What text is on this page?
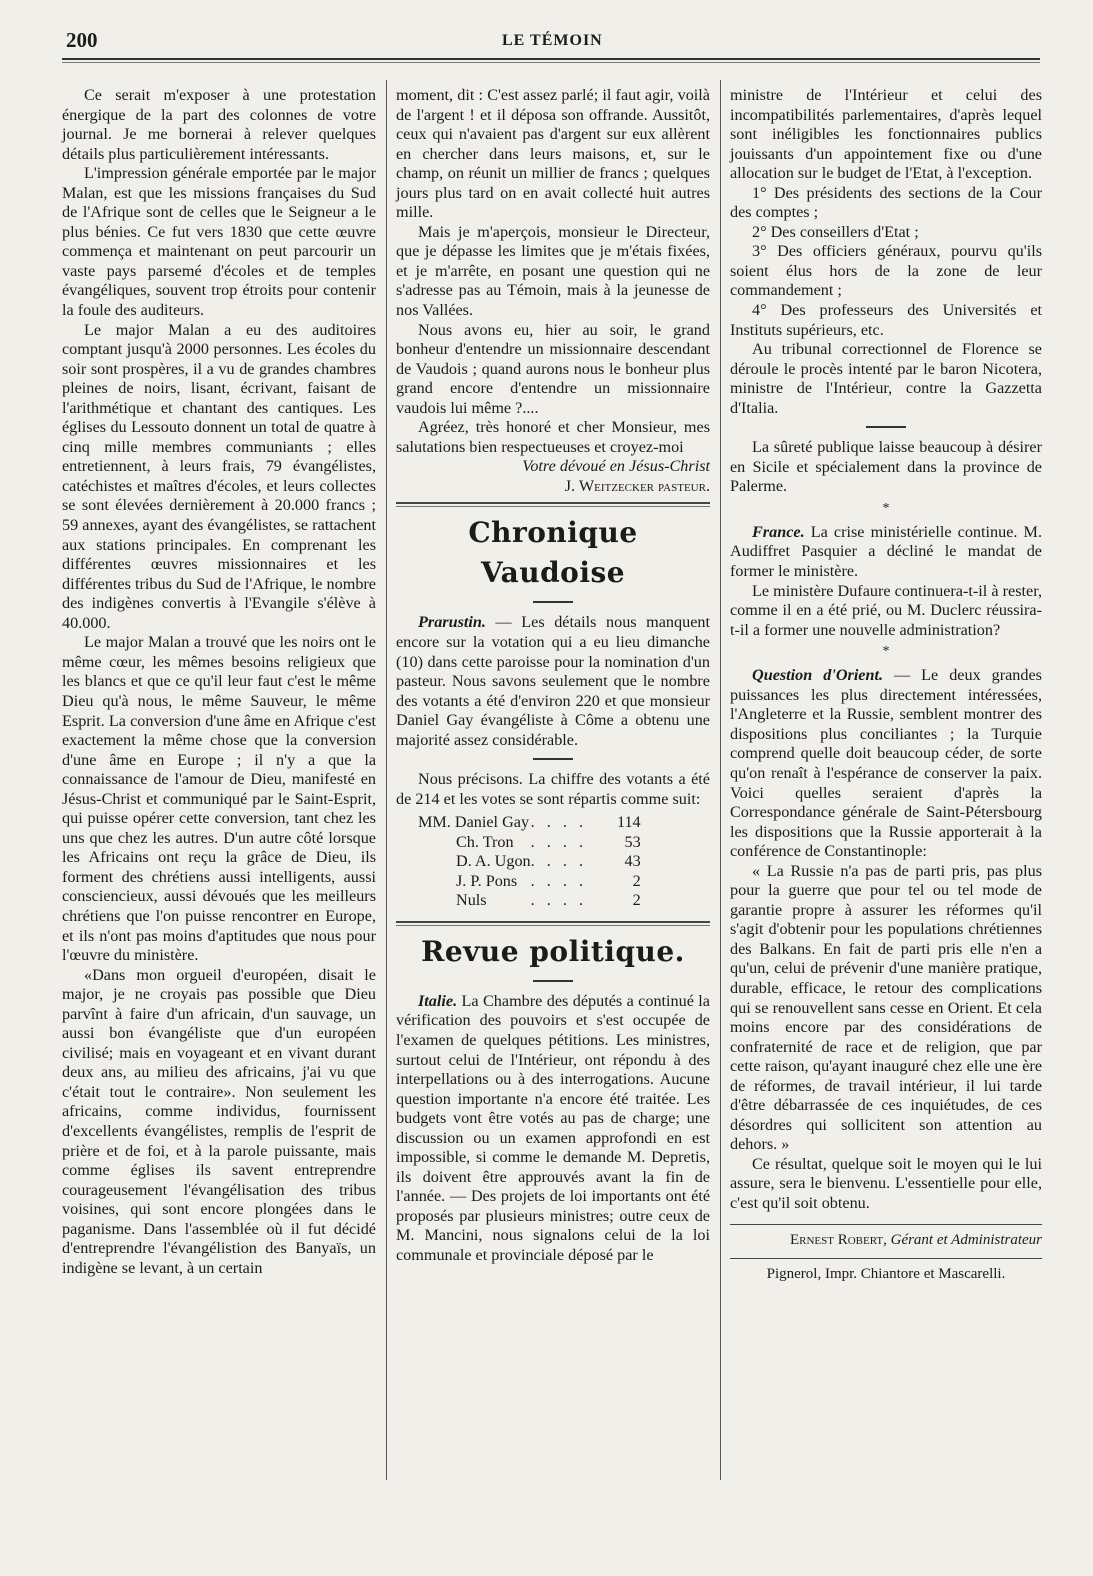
200	LE TÉMOIN

Ce serait m'exposer à une protestation énergique de la part des colonnes de votre journal. Je me bornerai à relever quelques détails plus particulièrement intéressants.

L'impression générale emportée par le major Malan, est que les missions françaises du Sud de l'Afrique sont de celles que le Seigneur a le plus bénies. Ce fut vers 1830 que cette œuvre commença et maintenant on peut parcourir un vaste pays parsemé d'écoles et de temples évangéliques, souvent trop étroits pour contenir la foule des auditeurs.

Le major Malan a eu des auditoires comptant jusqu'à 2000 personnes. Les écoles du soir sont prospères, il a vu de grandes chambres pleines de noirs, lisant, écrivant, faisant de l'arithmétique et chantant des cantiques. Les églises du Lessouto donnent un total de quatre à cinq mille membres communiants ; elles entretiennent, à leurs frais, 79 évangélistes, catéchistes et maîtres d'écoles, et leurs collectes se sont élevées dernièrement à 20.000 francs ; 59 annexes, ayant des évangélistes, se rattachent aux stations principales. En comprenant les différentes œuvres missionnaires et les différentes tribus du Sud de l'Afrique, le nombre des indigènes convertis à l'Evangile s'élève à 40.000.

Le major Malan a trouvé que les noirs ont le même cœur, les mêmes besoins religieux que les blancs et que ce qu'il leur faut c'est le même Dieu qu'à nous, le même Sauveur, le même Esprit. La conversion d'une âme en Afrique c'est exactement la même chose que la conversion d'une âme en Europe ; il n'y a que la connaissance de l'amour de Dieu, manifesté en Jésus-Christ et communiqué par le Saint-Esprit, qui puisse opérer cette conversion, tant chez les uns que chez les autres. D'un autre côté lorsque les Africains ont reçu la grâce de Dieu, ils forment des chrétiens aussi intelligents, aussi consciencieux, aussi dévoués que les meilleurs chrétiens que l'on puisse rencontrer en Europe, et ils n'ont pas moins d'aptitudes que nous pour l'œuvre du ministère.

«Dans mon orgueil d'européen, disait le major, je ne croyais pas possible que Dieu parvînt à faire d'un africain, d'un sauvage, un aussi bon évangéliste que d'un européen civilisé; mais en voyageant et en vivant durant deux ans, au milieu des africains, j'ai vu que c'était tout le contraire». Non seulement les africains, comme individus, fournissent d'excellents évangélistes, remplis de l'esprit de prière et de foi, et à la parole puissante, mais comme églises ils savent entreprendre courageusement l'évangélisation des tribus voisines, qui sont encore plongées dans le paganisme. Dans l'assemblée où il fut décidé d'entreprendre l'évangélistion des Banyaïs, un indigène se levant, à un certain

moment, dit : C'est assez parlé; il faut agir, voilà de l'argent ! et il déposa son offrande. Aussitôt, ceux qui n'avaient pas d'argent sur eux allèrent en chercher dans leurs maisons, et, sur le champ, on réunit un millier de francs ; quelques jours plus tard on en avait collecté huit autres mille.

Mais je m'aperçois, monsieur le Directeur, que je dépasse les limites que je m'étais fixées, et je m'arrête, en posant une question qui ne s'adresse pas au Témoin, mais à la jeunesse de nos Vallées.

Nous avons eu, hier au soir, le grand bonheur d'entendre un missionnaire descendant de Vaudois ; quand aurons nous le bonheur plus grand encore d'entendre un missionnaire vaudois lui même ?....

Agréez, très honoré et cher Monsieur, mes salutations bien respectueuses et croyez-moi

Votre dévoué en Jésus-Christ

J. Weitzecker pasteur.

Chronique Vaudoise

Prarustin. — Les détails nous manquent encore sur la votation qui a eu lieu dimanche (10) dans cette paroisse pour la nomination d'un pasteur. Nous savons seulement que le nombre des votants a été d'environ 220 et que monsieur Daniel Gay évangéliste à Côme a obtenu une majorité assez considérable.

Nous précisons. La chiffre des votants a été de 214 et les votes se sont répartis comme suit:

MM. Daniel Gay	. . . .	114
Ch. Tron	. . . .	53
D. A. Ugon	. . . .	43
J. P. Pons	. . . .	2
Nuls	. . . .	2
Revue politique.

Italie. La Chambre des députés a continué la vérification des pouvoirs et s'est occupée de l'examen de quelques pétitions. Les ministres, surtout celui de l'Intérieur, ont répondu à des interpellations ou à des interrogations. Aucune question importante n'a encore été traitée. Les budgets vont être votés au pas de charge; une discussion ou un examen approfondi en est impossible, si comme le demande M. Depretis, ils doivent être approuvés avant la fin de l'année. — Des projets de loi importants ont été proposés par plusieurs ministres; outre ceux de M. Mancini, nous signalons celui de la loi communale et provinciale déposé par le

ministre de l'Intérieur et celui des incompatibilités parlementaires, d'après lequel sont inéligibles les fonctionnaires publics jouissants d'un appointement fixe ou d'une allocation sur le budget de l'Etat, à l'exception.

1° Des présidents des sections de la Cour des comptes ;

2° Des conseillers d'Etat ;

3° Des officiers généraux, pourvu qu'ils soient élus hors de la zone de leur commandement ;

4° Des professeurs des Universités et Instituts supérieurs, etc.

Au tribunal correctionnel de Florence se déroule le procès intenté par le baron Nicotera, ministre de l'Intérieur, contre la Gazzetta d'Italia.

La sûreté publique laisse beaucoup à désirer en Sicile et spécialement dans la province de Palerme.

*

France. La crise ministérielle continue. M. Audiffret Pasquier a décliné le mandat de former le ministère.

Le ministère Dufaure continuera-t-il à rester, comme il en a été prié, ou M. Duclerc réussira-t-il a former une nouvelle administration?

*

Question d'Orient. — Le deux grandes puissances les plus directement intéressées, l'Angleterre et la Russie, semblent montrer des dispositions plus conciliantes ; la Turquie comprend quelle doit beaucoup céder, de sorte qu'on renaît à l'espérance de conserver la paix. Voici quelles seraient d'après la Correspondance générale de Saint-Pétersbourg les dispositions que la Russie apporterait à la conférence de Constantinople:

« La Russie n'a pas de parti pris, pas plus pour la guerre que pour tel ou tel mode de garantie propre à assurer les réformes qu'il s'agit d'obtenir pour les populations chrétiennes des Balkans. En fait de parti pris elle n'en a qu'un, celui de prévenir d'une manière pratique, durable, efficace, le retour des complications qui se renouvellent sans cesse en Orient. Et cela moins encore par des considérations de confraternité de race et de religion, que par cette raison, qu'ayant inauguré chez elle une ère de réformes, de travail intérieur, il lui tarde d'être débarrassée de ces inquiétudes, de ces désordres qui sollicitent son attention au dehors. »

Ce résultat, quelque soit le moyen qui le lui assure, sera le bienvenu. L'essentielle pour elle, c'est qu'il soit obtenu.

Ernest Robert, Gérant et Administrateur
Pignerol, Impr. Chiantore et Mascarelli.
